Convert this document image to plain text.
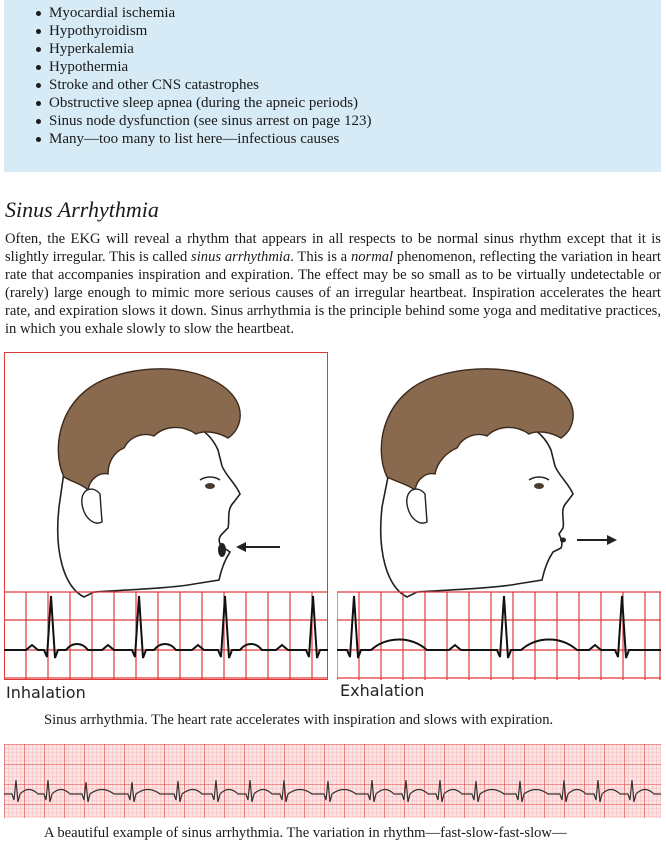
Myocardial ischemia
Hypothyroidism
Hyperkalemia
Hypothermia
Stroke and other CNS catastrophes
Obstructive sleep apnea (during the apneic periods)
Sinus node dysfunction (see sinus arrest on page 123)
Many—too many to list here—infectious causes
Sinus Arrhythmia

Often, the EKG will reveal a rhythm that appears in all respects to be normal sinus rhythm except that it is slightly irregular. This is called sinus arrhythmia. This is a normal phenomenon, reflecting the variation in heart rate that accompanies inspiration and expiration. The effect may be so small as to be virtually undetectable or (rarely) large enough to mimic more serious causes of an irregular heartbeat. Inspiration accelerates the heart rate, and expiration slows it down. Sinus arrhythmia is the principle behind some yoga and meditative practices, in which you exhale slowly to slow the heartbeat.

Inhalation	Exhalation
Sinus arrhythmia. The heart rate accelerates with inspiration and slows with expiration.
A beautiful example of sinus arrhythmia. The variation in rhythm—fast-slow-fast-slow—
